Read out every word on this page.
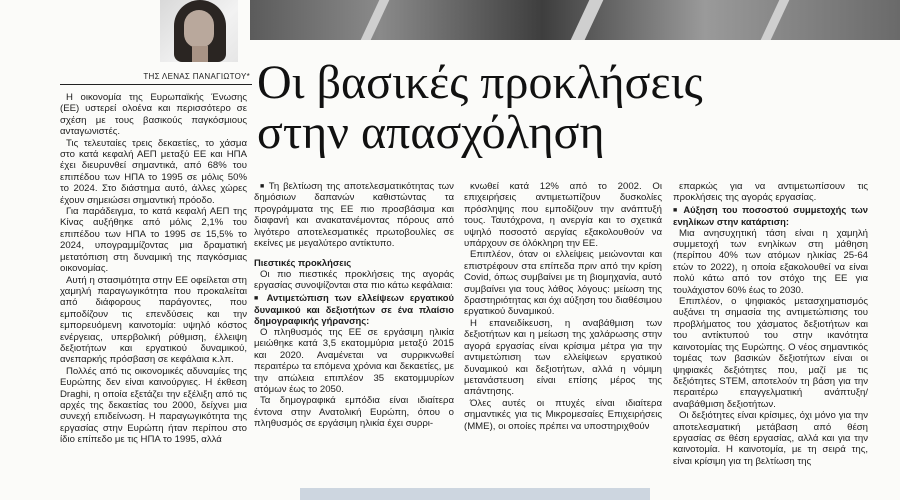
ΤΗΣ ΛΕΝΑΣ ΠΑΝΑΓΙΩΤΟΥ* Οι βασικές προκλήσεις
στην απασχόληση

Η οικονομία της Ευρωπαϊκής Ένωσης (ΕΕ) υστερεί ολοένα και περισσότερο σε σχέση με τους βασικούς παγκόσμιους ανταγωνιστές.

Τις τελευταίες τρεις δεκαετίες, το χάσμα στο κατά κεφαλή ΑΕΠ μεταξύ ΕΕ και ΗΠΑ έχει διευρυνθεί σημαντικά, από 68% του επιπέδου των ΗΠΑ το 1995 σε μόλις 50% το 2024. Στο διάστημα αυτό, άλλες χώρες έχουν σημειώσει σημαντική πρόοδο.

Για παράδειγμα, το κατά κεφαλή ΑΕΠ της Κίνας αυξήθηκε από μόλις 2,1% του επιπέδου των ΗΠΑ το 1995 σε 15,5% το 2024, υπογραμμίζοντας μια δραματική μετατόπιση στη δυναμική της παγκόσμιας οικονομίας.

Αυτή η στασιμότητα στην ΕΕ οφείλεται στη χαμηλή παραγωγικότητα που προκαλείται από διάφορους παράγοντες, που εμποδίζουν τις επενδύσεις και την εμπορευόμενη καινοτομία: υψηλό κόστος ενέργειας, υπερβολική ρύθμιση, έλλειψη δεξιοτήτων και εργατικού δυναμικού, ανεπαρκής πρόσβαση σε κεφάλαια κ.λπ.

Πολλές από τις οικονομικές αδυναμίες της Ευρώπης δεν είναι καινούργιες. Η έκθεση Draghi, η οποία εξετάζει την εξέλιξη από τις αρχές της δεκαετίας του 2000, δείχνει μια συνεχή επιδείνωση. Η παραγωγικότητα της εργασίας στην Ευρώπη ήταν περίπου στο ίδιο επίπεδο με τις ΗΠΑ το 1995, αλλά

■ Τη βελτίωση της αποτελεσματικότητας των δημόσιων δαπανών καθιστώντας τα προγράμματα της ΕΕ πιο προσβάσιμα και διαφανή και ανακατανέμοντας πόρους από λιγότερο αποτελεσματικές πρωτοβουλίες σε εκείνες με μεγαλύτερο αντίκτυπο.

Πιεστικές προκλήσεις

Οι πιο πιεστικές προκλήσεις της αγοράς εργασίας συνοψίζονται στα πιο κάτω κεφάλαια:

■ Αντιμετώπιση των ελλείψεων εργατικού δυναμικού και δεξιοτήτων σε ένα πλαίσιο δημογραφικής γήρανσης:

Ο πληθυσμός της ΕΕ σε εργάσιμη ηλικία μειώθηκε κατά 3,5 εκατομμύρια μεταξύ 2015 και 2020. Αναμένεται να συρρικνωθεί περαιτέρω τα επόμενα χρόνια και δεκαετίες, με την απώλεια επιπλέον 35 εκατομμυρίων ατόμων έως το 2050.

Τα δημογραφικά εμπόδια είναι ιδιαίτερα έντονα στην Ανατολική Ευρώπη, όπου ο πληθυσμός σε εργάσιμη ηλικία έχει συρρι-

κνωθεί κατά 12% από το 2002. Οι επιχειρήσεις αντιμετωπίζουν δυσκολίες πρόσληψης που εμποδίζουν την ανάπτυξή τους. Ταυτόχρονα, η ανεργία και το σχετικά υψηλό ποσοστό αεργίας εξακολουθούν να υπάρχουν σε όλόκληρη την ΕΕ.

Επιπλέον, όταν οι ελλείψεις μειώνονται και επιστρέφουν στα επίπεδα πριν από την κρίση Covid, όπως συμβαίνει με τη βιομηχανία, αυτό συμβαίνει για τους λάθος λόγους: μείωση της δραστηριότητας και όχι αύξηση του διαθέσιμου εργατικού δυναμικού.

Η επανειδίκευση, η αναβάθμιση των δεξιοτήτων και η μείωση της χαλάρωσης στην αγορά εργασίας είναι κρίσιμα μέτρα για την αντιμετώπιση των ελλείψεων εργατικού δυναμικού και δεξιοτήτων, αλλά η νόμιμη μετανάστευση είναι επίσης μέρος της απάντησης.

Όλες αυτές οι πτυχές είναι ιδιαίτερα σημαντικές για τις Μικρομεσαίες Επιχειρήσεις (ΜΜΕ), οι οποίες πρέπει να υποστηριχθούν

επαρκώς για να αντιμετωπίσουν τις προκλήσεις της αγοράς εργασίας.

■ Αύξηση του ποσοστού συμμετοχής των ενηλίκων στην κατάρτιση:

Μια ανησυχητική τάση είναι η χαμηλή συμμετοχή των ενηλίκων στη μάθηση (περίπου 40% των ατόμων ηλικίας 25-64 ετών το 2022), η οποία εξακολουθεί να είναι πολύ κάτω από τον στόχο της ΕΕ για τουλάχιστον 60% έως το 2030.

Επιπλέον, ο ψηφιακός μετασχηματισμός αυξάνει τη σημασία της αντιμετώπισης του προβλήματος του χάσματος δεξιοτήτων και του αντίκτυπού του στην ικανότητα καινοτομίας της Ευρώπης. Ο νέος σημαντικός τομέας των βασικών δεξιοτήτων είναι οι ψηφιακές δεξιότητες που, μαζί με τις δεξιότητες STEM, αποτελούν τη βάση για την περαιτέρω επαγγελματική ανάπτυξη/αναβάθμιση δεξιοτήτων.

Οι δεξιότητες είναι κρίσιμες, όχι μόνο για την αποτελεσματική μετάβαση από θέση εργασίας σε θέση εργασίας, αλλά και για την καινοτομία. Η καινοτομία, με τη σειρά της, είναι κρίσιμη για τη βελτίωση της
